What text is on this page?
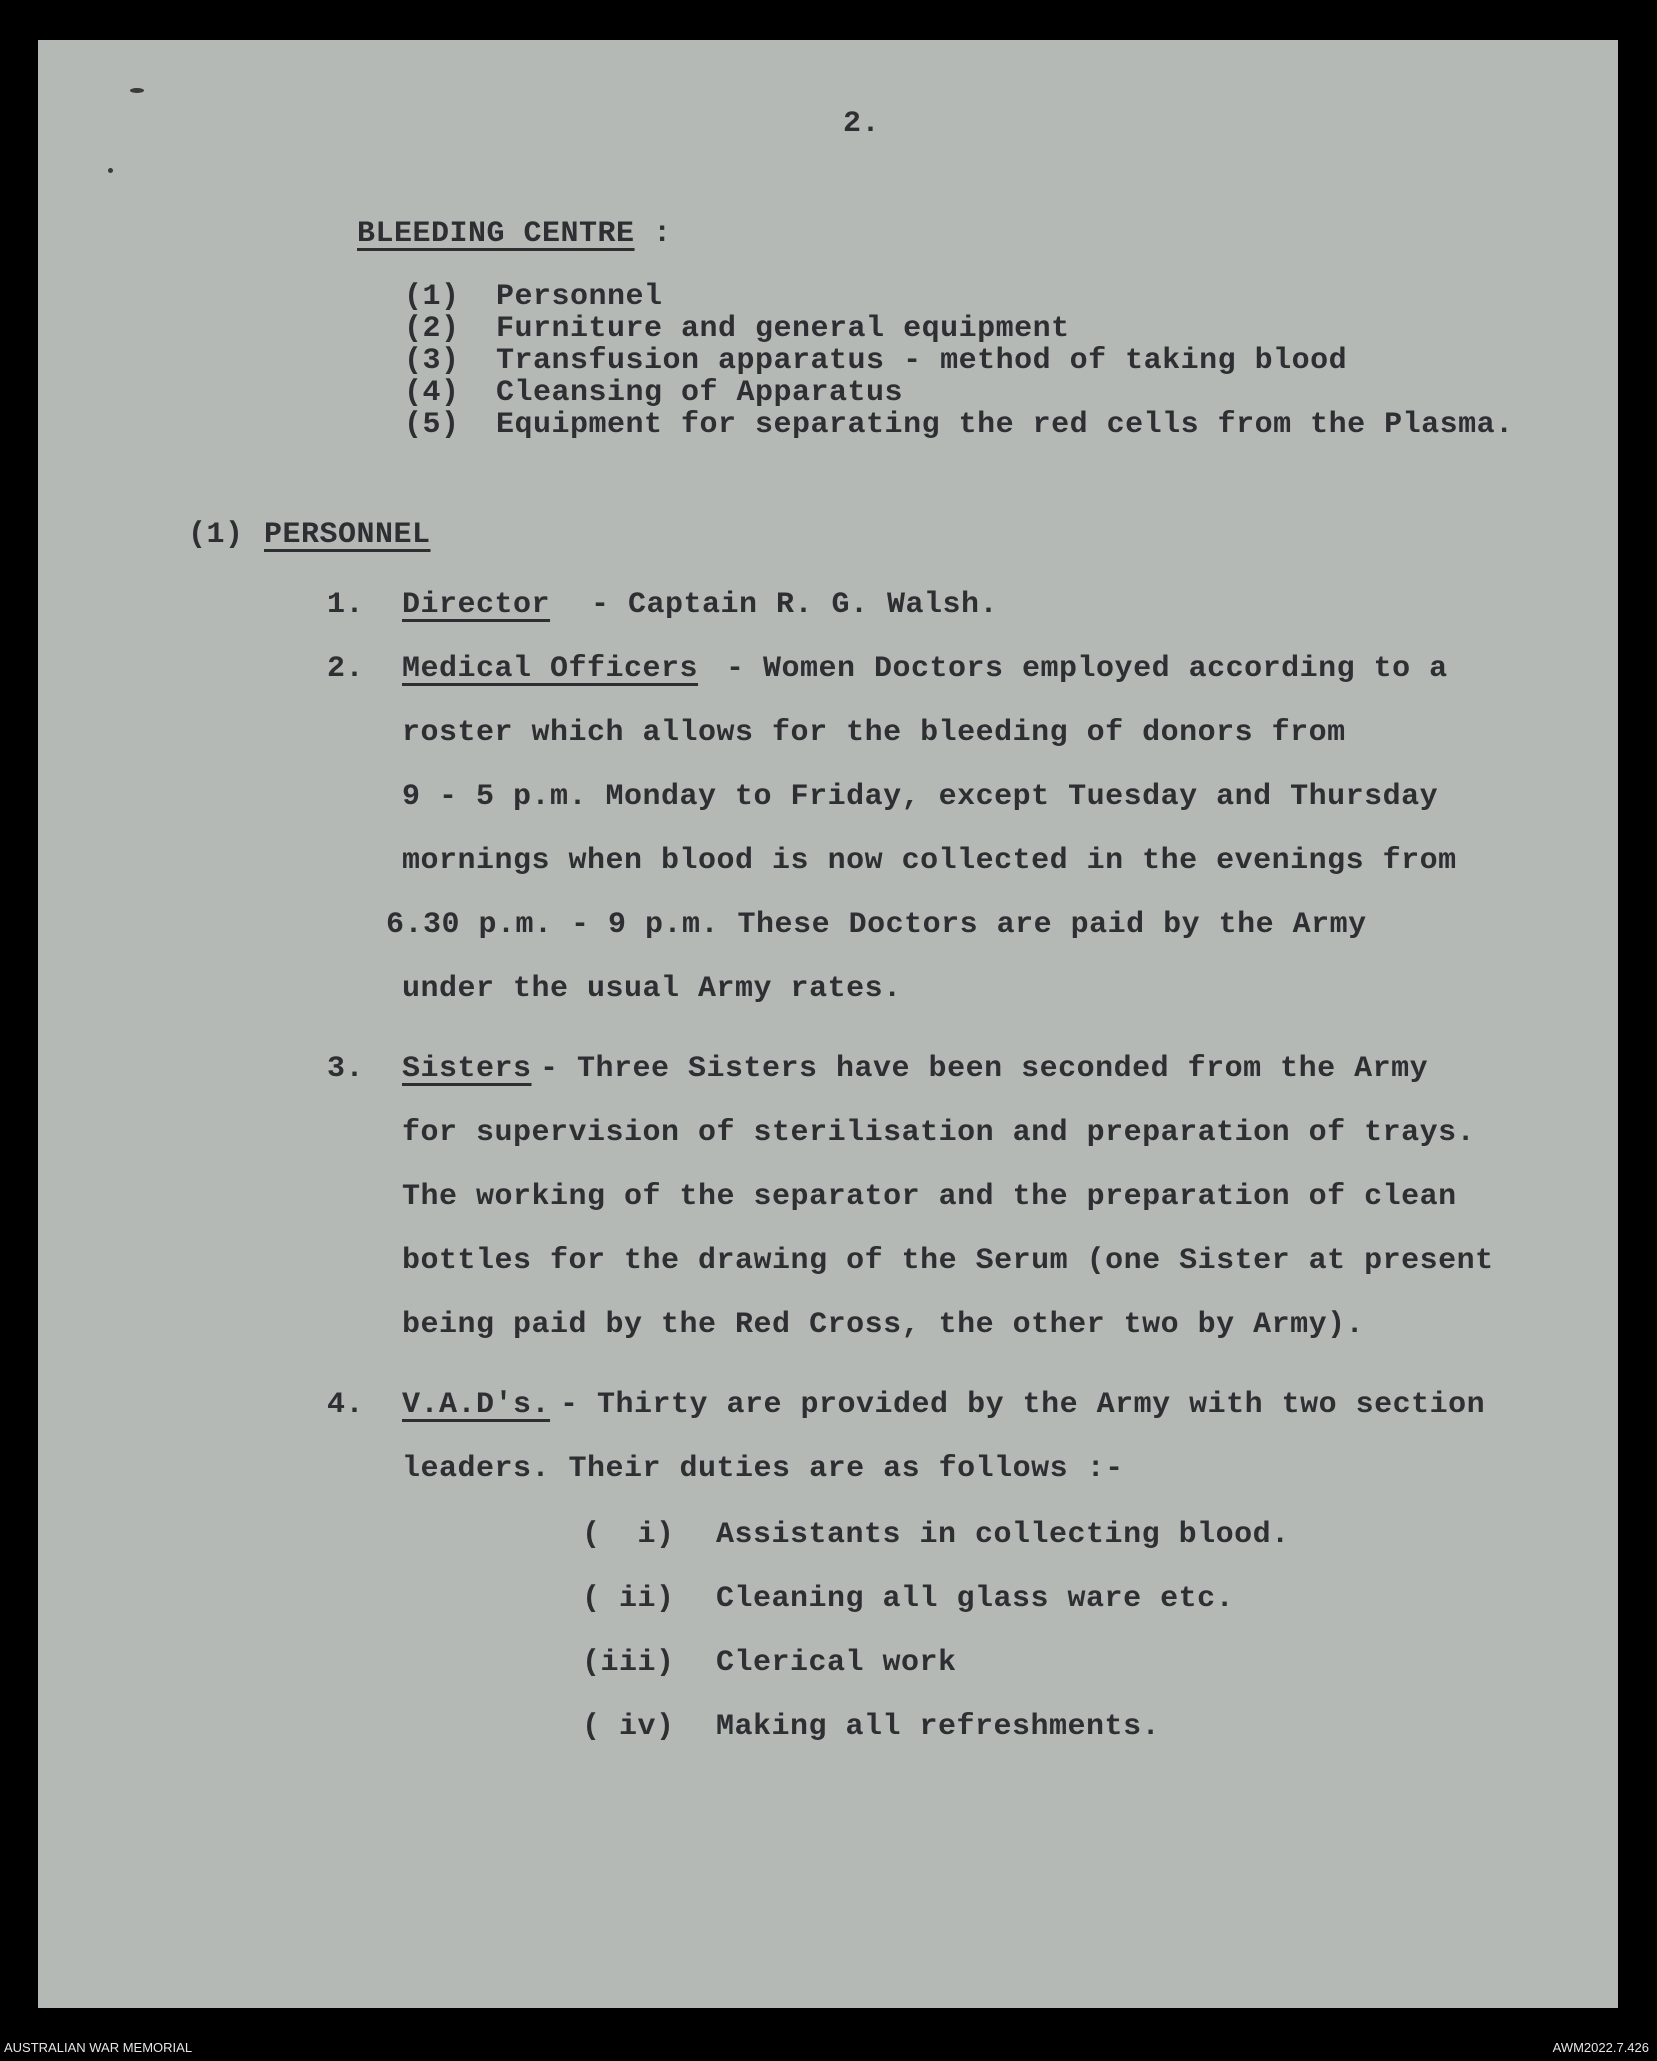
2.
BLEEDING CENTRE :
(1) Personnel
(2) Furniture and general equipment
(3) Transfusion apparatus - method of taking blood
(4) Cleansing of Apparatus
(5) Equipment for separating the red cells from the Plasma.
(1) PERSONNEL
1. Director - Captain R. G. Walsh.
2. Medical Officers - Women Doctors employed according to a
roster which allows for the bleeding of donors from
9 - 5 p.m. Monday to Friday, except Tuesday and Thursday
mornings when blood is now collected in the evenings from
6.30 p.m. - 9 p.m. These Doctors are paid by the Army
under the usual Army rates.
3. Sisters - Three Sisters have been seconded from the Army
for supervision of sterilisation and preparation of trays.
The working of the separator and the preparation of clean
bottles for the drawing of the Serum (one Sister at present
being paid by the Red Cross, the other two by Army).
4. V.A.D's. - Thirty are provided by the Army with two section
leaders. Their duties are as follows :-
(  i) Assistants in collecting blood.
( ii) Cleaning all glass ware etc.
(iii) Clerical work
( iv) Making all refreshments.
AUSTRALIAN WAR MEMORIAL	AWM2022.7.426
